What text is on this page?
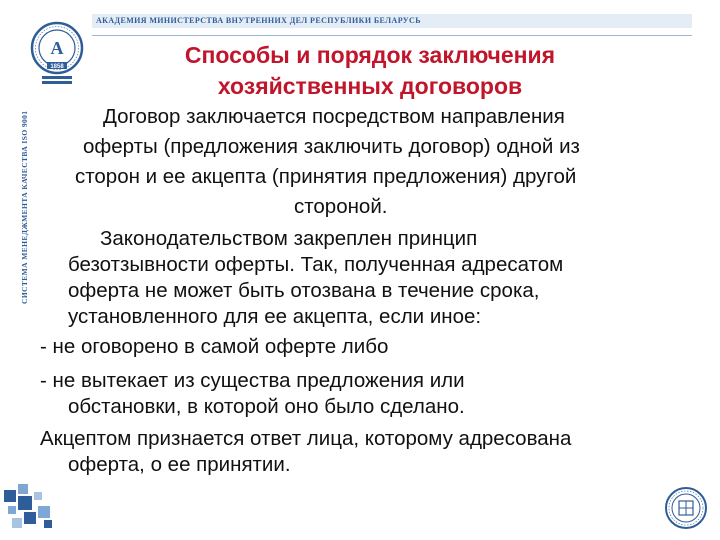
АКАДЕМИЯ МИНИСТЕРСТВА ВНУТРЕННИХ ДЕЛ РЕСПУБЛИКИ БЕЛАРУСЬ
СИСТЕМА МЕНЕДЖМЕНТА КАЧЕСТВА ISO 9001
А
1858	Способы и порядок заключения
хозяйственных договоров
Договор заключается посредством направления
оферты (предложения заключить договор) одной из
сторон и ее акцепта (принятия предложения) другой
стороной.
Законодательством закреплен принцип
безотзывности оферты. Так, полученная адресатом
оферта не может быть отозвана в течение срока,
установленного для ее акцепта, если иное:
- не оговорено в самой оферте либо
- не вытекает из существа предложения или
обстановки, в которой оно было сделано.
Акцептом признается ответ лица, которому адресована
оферта, о ее принятии.
